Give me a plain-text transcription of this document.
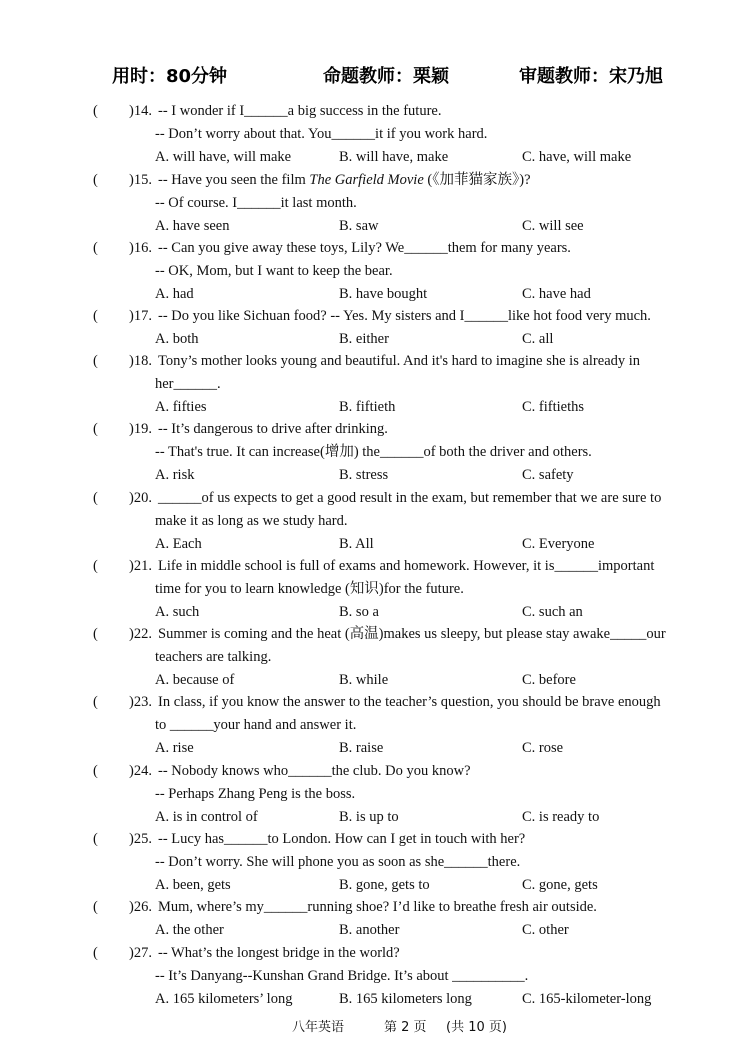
用时：80分钟	命题教师：栗颖	审题教师：宋乃旭
( )14. -- I wonder if I______a big success in the future.
-- Don’t worry about that. You______it if you work hard.
A. will have, will make	B. will have, make	C. have, will make
( )15. -- Have you seen the film The Garfield Movie (《加菲猫家族》)?
-- Of course. I______it last month.
A. have seen	B. saw	C. will see
( )16. -- Can you give away these toys, Lily? We______them for many years.
-- OK, Mom, but I want to keep the bear.
A. had	B. have bought	C. have had
( )17. -- Do you like Sichuan food? -- Yes. My sisters and I______like hot food very much.
A. both	B. either	C. all
( )18. Tony’s mother looks young and beautiful. And it's hard to imagine she is already in
her______.
A. fifties	B. fiftieth	C. fiftieths
( )19. -- It’s dangerous to drive after drinking.
-- That's true. It can increase(增加) the______of both the driver and others.
A. risk	B. stress	C. safety
( )20. ______of us expects to get a good result in the exam, but remember that we are sure to
make it as long as we study hard.
A. Each	B. All	C. Everyone
( )21. Life in middle school is full of exams and homework. However, it is______important
time for you to learn knowledge (知识)for the future.
A. such	B. so a	C. such an
( )22. Summer is coming and the heat (高温)makes us sleepy, but please stay awake_____our
teachers are talking.
A. because of	B. while	C. before
( )23. In class, if you know the answer to the teacher’s question, you should be brave enough
to ______your hand and answer it.
A. rise	B. raise	C. rose
( )24. -- Nobody knows who______the club. Do you know?
-- Perhaps Zhang Peng is the boss.
A. is in control of	B. is up to	C. is ready to
( )25. -- Lucy has______to London. How can I get in touch with her?
-- Don’t worry. She will phone you as soon as she______there.
A. been, gets	B. gone, gets to	C. gone, gets
( )26. Mum, where’s my______running shoe? I’d like to breathe fresh air outside.
A. the other	B. another	C. other
( )27. -- What’s the longest bridge in the world?
-- It’s Danyang--Kunshan Grand Bridge. It’s about __________.
A. 165 kilometers’ long	B. 165 kilometers long	C. 165-kilometer-long
八年英语	第 2 页 (共 10 页)
